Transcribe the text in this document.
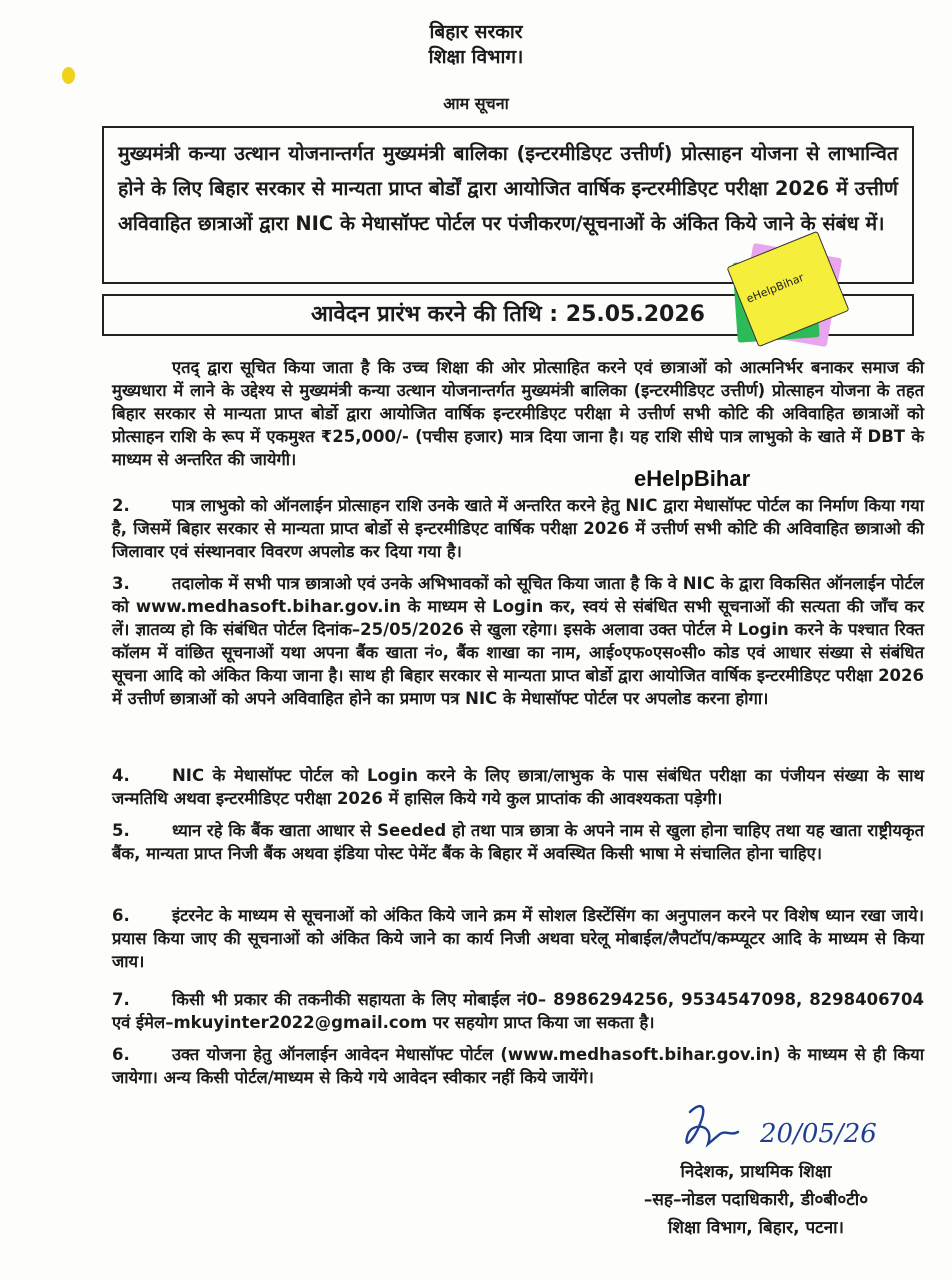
बिहार सरकार
शिक्षा विभाग।
आम सूचना
मुख्यमंत्री कन्या उत्थान योजनान्तर्गत मुख्यमंत्री बालिका (इन्टरमीडिएट उत्तीर्ण) प्रोत्साहन योजना से लाभान्वित होने के लिए बिहार सरकार से मान्यता प्राप्त बोर्डों द्वारा आयोजित वार्षिक इन्टरमीडिएट परीक्षा 2026 में उत्तीर्ण अविवाहित छात्राओं द्वारा NIC के मेधासॉफ्ट पोर्टल पर पंजीकरण/सूचनाओं के अंकित किये जाने के संबंध में।
आवेदन प्रारंभ करने की तिथि : 25.05.2026
eHelpBihar
एतद् द्वारा सूचित किया जाता है कि उच्च शिक्षा की ओर प्रोत्साहित करने एवं छात्राओं को आत्मनिर्भर बनाकर समाज की मुख्यधारा में लाने के उद्देश्य से मुख्यमंत्री कन्या उत्थान योजनान्तर्गत मुख्यमंत्री बालिका (इन्टरमीडिएट उत्तीर्ण) प्रोत्साहन योजना के तहत बिहार सरकार से मान्यता प्राप्त बोर्डो द्वारा आयोजित वार्षिक इन्टरमीडिएट परीक्षा मे उत्तीर्ण सभी कोटि की अविवाहित छात्राओं को प्रोत्साहन राशि के रूप में एकमुश्त ₹25,000/- (पचीस हजार) मात्र दिया जाना है। यह राशि सीधे पात्र लाभुको के खाते में DBT के माध्यम से अन्तरित की जायेगी।
eHelpBihar
2.	पात्र लाभुको को ऑनलाईन प्रोत्साहन राशि उनके खाते में अन्तरित करने हेतु NIC द्वारा मेधासॉफ्ट पोर्टल का निर्माण किया गया है, जिसमें बिहार सरकार से मान्यता प्राप्त बोर्डो से इन्टरमीडिएट वार्षिक परीक्षा 2026 में उत्तीर्ण सभी कोटि की अविवाहित छात्राओ की जिलावार एवं संस्थानवार विवरण अपलोड कर दिया गया है।
3.	तदालोक में सभी पात्र छात्राओ एवं उनके अभिभावकों को सूचित किया जाता है कि वे NIC के द्वारा विकसित ऑनलाईन पोर्टल को www.medhasoft.bihar.gov.in के माध्यम से Login कर, स्वयं से संबंधित सभी सूचनाओं की सत्यता की जाँच कर लें। ज्ञातव्य हो कि संबंधित पोर्टल दिनांक–25/05/2026 से खुला रहेगा। इसके अलावा उक्त पोर्टल मे Login करने के पश्चात रिक्त कॉलम में वांछित सूचनाओं यथा अपना बैंक खाता नं०, बैंक शाखा का नाम, आई०एफ०एस०सी० कोड एवं आधार संख्या से संबंधित सूचना आदि को अंकित किया जाना है। साथ ही बिहार सरकार से मान्यता प्राप्त बोर्डो द्वारा आयोजित वार्षिक इन्टरमीडिएट परीक्षा 2026 में उत्तीर्ण छात्राओं को अपने अविवाहित होने का प्रमाण पत्र NIC के मेधासॉफ्ट पोर्टल पर अपलोड करना होगा।
4.	NIC के मेधासॉफ्ट पोर्टल को Login करने के लिए छात्रा/लाभुक के पास संबंधित परीक्षा का पंजीयन संख्या के साथ जन्मतिथि अथवा इन्टरमीडिएट परीक्षा 2026 में हासिल किये गये कुल प्राप्तांक की आवश्यकता पड़ेगी।
5.	ध्यान रहे कि बैंक खाता आधार से Seeded हो तथा पात्र छात्रा के अपने नाम से खुला होना चाहिए तथा यह खाता राष्ट्रीयकृत बैंक, मान्यता प्राप्त निजी बैंक अथवा इंडिया पोस्ट पेमेंट बैंक के बिहार में अवस्थित किसी भाषा मे संचालित होना चाहिए।
6.	इंटरनेट के माध्यम से सूचनाओं को अंकित किये जाने क्रम में सोशल डिस्टेंसिंग का अनुपालन करने पर विशेष ध्यान रखा जाये। प्रयास किया जाए की सूचनाओं को अंकित किये जाने का कार्य निजी अथवा घरेलू मोबाईल/लैपटॉप/कम्प्यूटर आदि के माध्यम से किया जाय।
7.	किसी भी प्रकार की तकनीकी सहायता के लिए मोबाईल नं0– 8986294256, 9534547098, 8298406704 एवं ईमेल–mkuyinter2022@gmail.com पर सहयोग प्राप्त किया जा सकता है।
6.	उक्त योजना हेतु ऑनलाईन आवेदन मेधासॉफ्ट पोर्टल (www.medhasoft.bihar.gov.in) के माध्यम से ही किया जायेगा। अन्य किसी पोर्टल/माध्यम से किये गये आवेदन स्वीकार नहीं किये जायेंगे।
20/05/26
निदेशक, प्राथमिक शिक्षा
–सह–नोडल पदाधिकारी, डी०बी०टी०
शिक्षा विभाग, बिहार, पटना।
